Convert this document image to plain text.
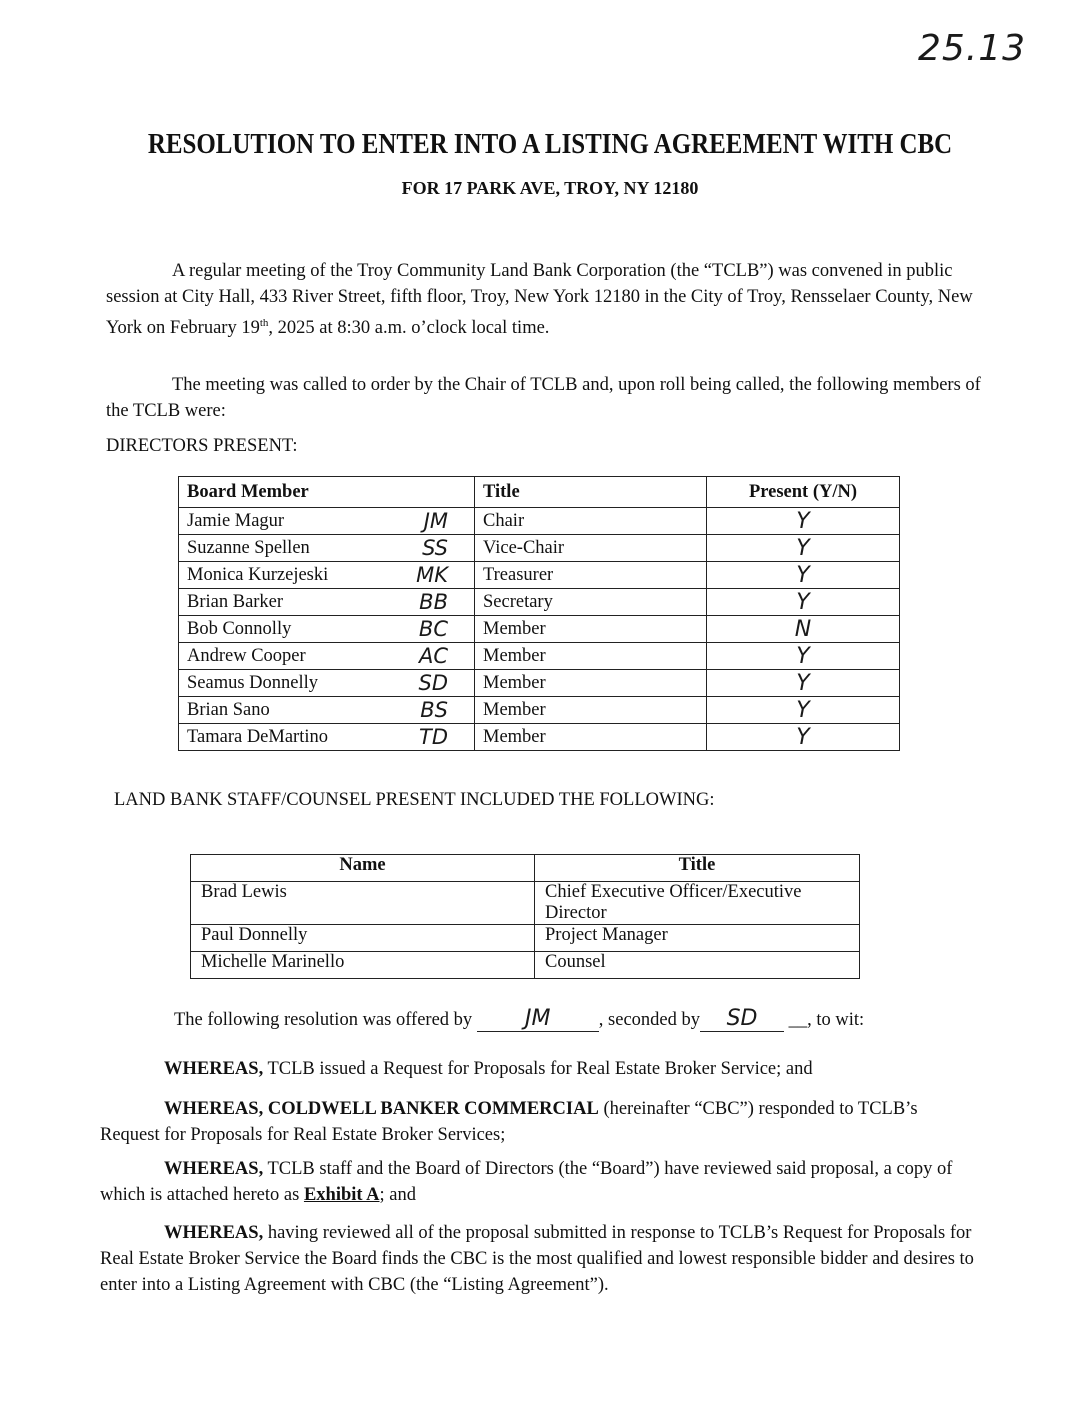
25.13
RESOLUTION TO ENTER INTO A LISTING AGREEMENT WITH CBC
FOR 17 PARK AVE, TROY, NY 12180
A regular meeting of the Troy Community Land Bank Corporation (the “TCLB”) was convened in public session at City Hall, 433 River Street, fifth floor, Troy, New York 12180 in the City of Troy, Rensselaer County, New York on February 19th, 2025 at 8:30 a.m. o’clock local time.
The meeting was called to order by the Chair of TCLB and, upon roll being called, the following members of the TCLB were:
DIRECTORS PRESENT:
Board Member	Title	Present (Y/N)

Jamie Magur JM	Chair	Y

Suzanne Spellen SS	Vice-Chair	Y

Monica Kurzejeski MK	Treasurer	Y

Brian Barker BB	Secretary	Y

Bob Connolly BC	Member	N

Andrew Cooper AC	Member	Y

Seamus Donnelly SD	Member	Y

Brian Sano BS	Member	Y

Tamara DeMartino TD	Member	Y
LAND BANK STAFF/COUNSEL PRESENT INCLUDED THE FOLLOWING:
Name	Title
Brad Lewis	Chief Executive Officer/Executive Director
Paul Donnelly	Project Manager
Michelle Marinello	Counsel
The following resolution was offered by JM	, seconded by SD __, to wit:
WHEREAS, TCLB issued a Request for Proposals for Real Estate Broker Service; and
WHEREAS, COLDWELL BANKER COMMERCIAL (hereinafter “CBC”) responded to TCLB’s Request for Proposals for Real Estate Broker Services;
WHEREAS, TCLB staff and the Board of Directors (the “Board”) have reviewed said proposal, a copy of which is attached hereto as Exhibit A; and
WHEREAS, having reviewed all of the proposal submitted in response to TCLB’s Request for Proposals for Real Estate Broker Service the Board finds the CBC is the most qualified and lowest responsible bidder and desires to enter into a Listing Agreement with CBC (the “Listing Agreement”).
